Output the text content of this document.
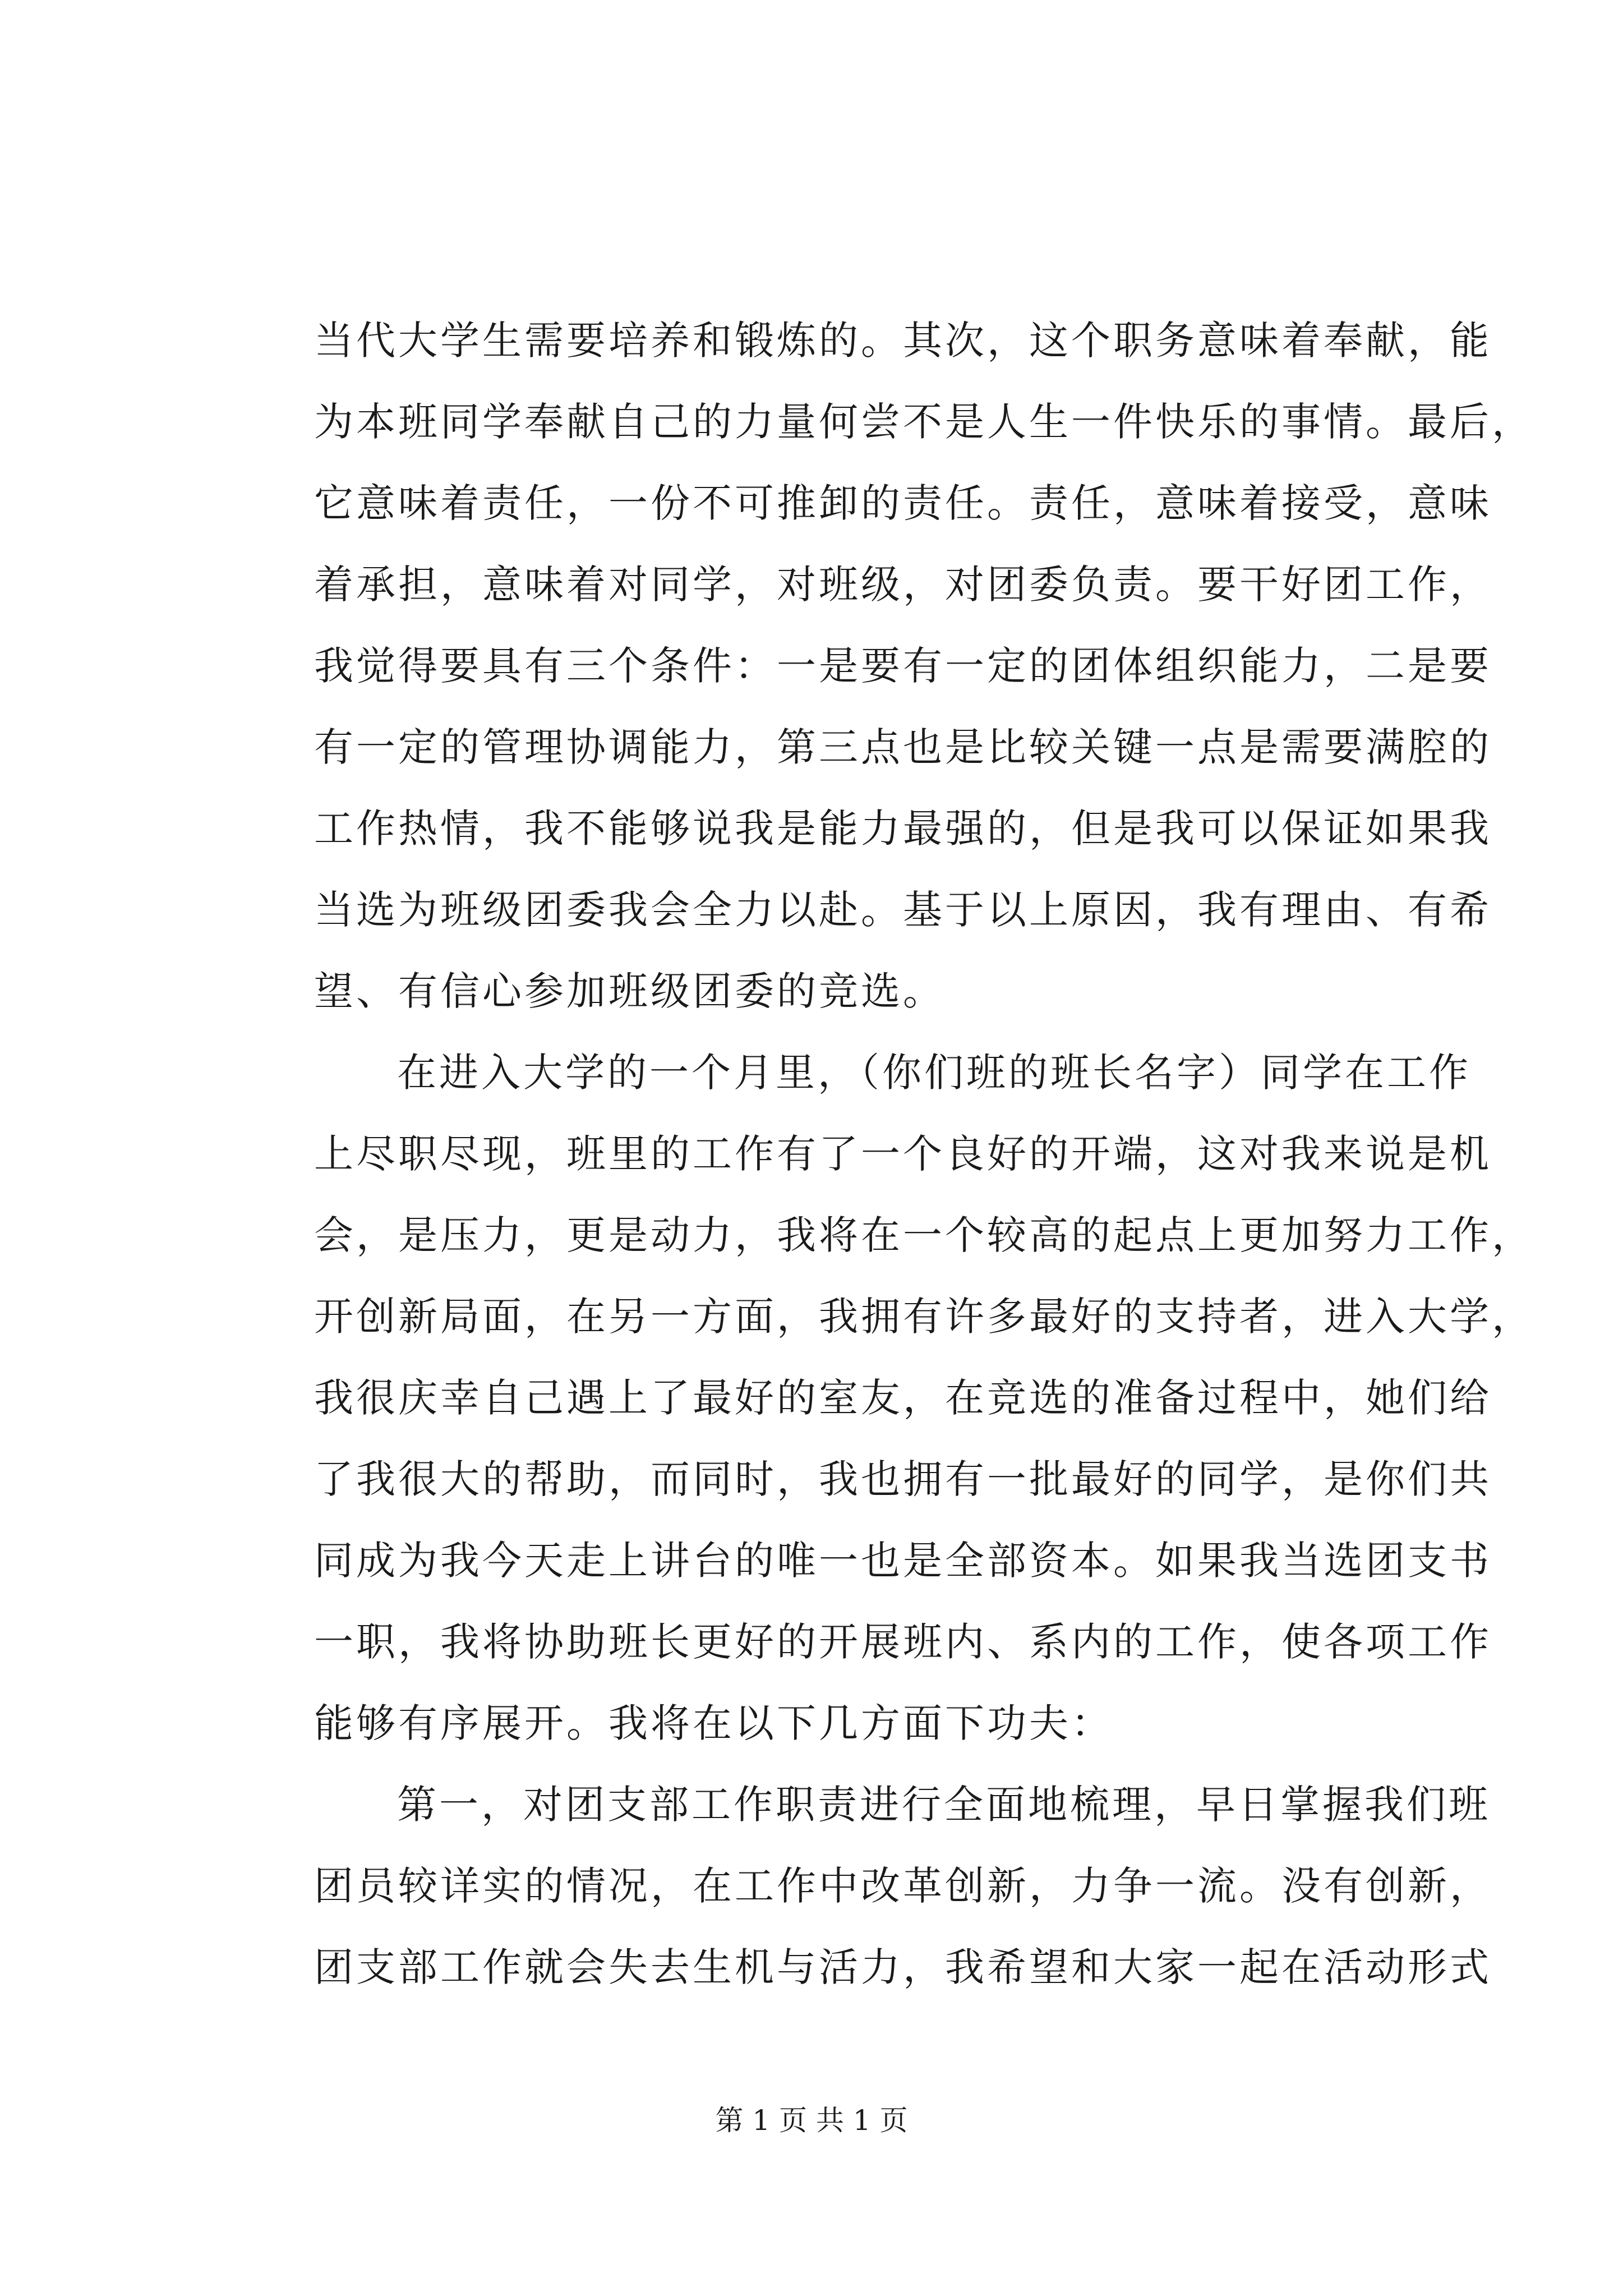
当代大学生需要培养和锻炼的。其次，这个职务意味着奉献，能
为本班同学奉献自己的力量何尝不是人生一件快乐的事情。最后，
它意味着责任，一份不可推卸的责任。责任，意味着接受，意味
着承担，意味着对同学，对班级，对团委负责。要干好团工作，
我觉得要具有三个条件：一是要有一定的团体组织能力，二是要
有一定的管理协调能力，第三点也是比较关键一点是需要满腔的
工作热情，我不能够说我是能力最强的，但是我可以保证如果我
当选为班级团委我会全力以赴。基于以上原因，我有理由、有希
望、有信心参加班级团委的竞选。
在进入大学的一个月里，（你们班的班长名字）同学在工作
上尽职尽现，班里的工作有了一个良好的开端，这对我来说是机
会，是压力，更是动力，我将在一个较高的起点上更加努力工作，
开创新局面，在另一方面，我拥有许多最好的支持者，进入大学，
我很庆幸自己遇上了最好的室友，在竞选的准备过程中，她们给
了我很大的帮助，而同时，我也拥有一批最好的同学，是你们共
同成为我今天走上讲台的唯一也是全部资本。如果我当选团支书
一职，我将协助班长更好的开展班内、系内的工作，使各项工作
能够有序展开。我将在以下几方面下功夫：
第一，对团支部工作职责进行全面地梳理，早日掌握我们班
团员较详实的情况，在工作中改革创新，力争一流。没有创新，
团支部工作就会失去生机与活力，我希望和大家一起在活动形式
第 1 页 共 1 页
